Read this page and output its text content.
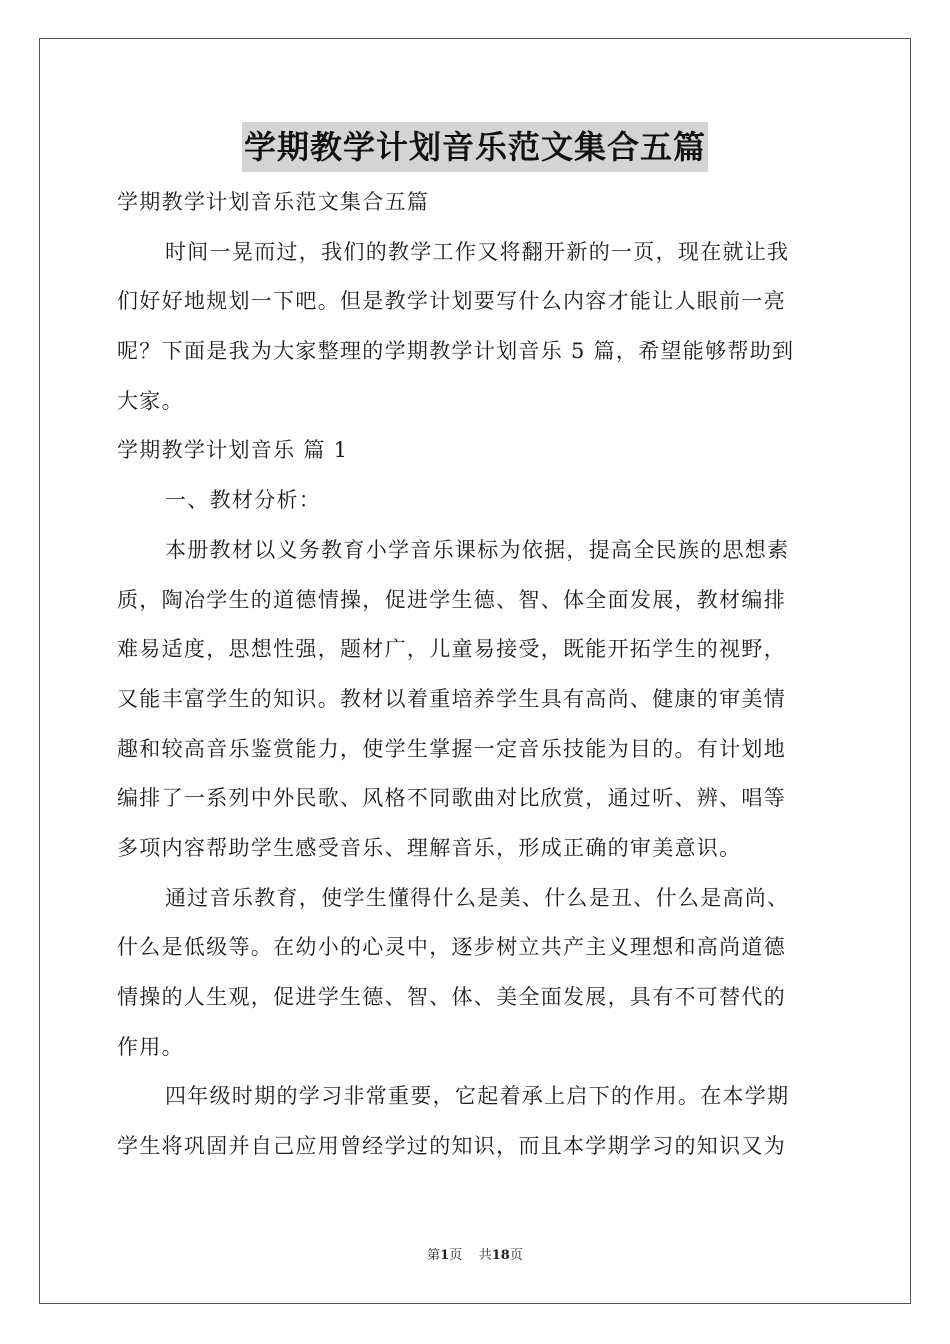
学期教学计划音乐范文集合五篇
学期教学计划音乐范文集合五篇
时间一晃而过，我们的教学工作又将翻开新的一页，现在就让我
们好好地规划一下吧。但是教学计划要写什么内容才能让人眼前一亮
呢？下面是我为大家整理的学期教学计划音乐 5 篇，希望能够帮助到
大家。
学期教学计划音乐 篇 1
一、教材分析：
本册教材以义务教育小学音乐课标为依据，提高全民族的思想素
质，陶冶学生的道德情操，促进学生德、智、体全面发展，教材编排
难易适度，思想性强，题材广，儿童易接受，既能开拓学生的视野，
又能丰富学生的知识。教材以着重培养学生具有高尚、健康的审美情
趣和较高音乐鉴赏能力，使学生掌握一定音乐技能为目的。有计划地
编排了一系列中外民歌、风格不同歌曲对比欣赏，通过听、辨、唱等
多项内容帮助学生感受音乐、理解音乐，形成正确的审美意识。
通过音乐教育，使学生懂得什么是美、什么是丑、什么是高尚、
什么是低级等。在幼小的心灵中，逐步树立共产主义理想和高尚道德
情操的人生观，促进学生德、智、体、美全面发展，具有不可替代的
作用。
四年级时期的学习非常重要，它起着承上启下的作用。在本学期
学生将巩固并自己应用曾经学过的知识，而且本学期学习的知识又为
第1页 共18页
